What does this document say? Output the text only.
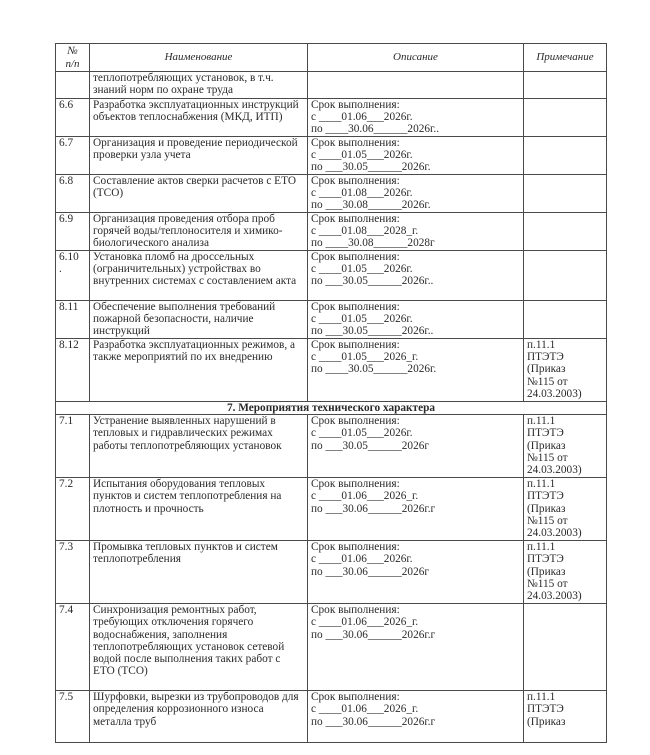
№
п/п	Наименование	Описание	Примечание
	теплопотребляющих установок, в т.ч. знаний норм по охране труда		
6.6	Разработка эксплуатационных инструкций объектов теплоснабжения (МКД, ИТП)	Срок выполнения:
с ____01.06___2026г.
по ____30.06______2026г..	
6.7	Организация и проведение периодической проверки узла учета	Срок выполнения:
с ____01.05___2026г.
по ___30.05______2026г.	
6.8	Составление актов сверки расчетов с ЕТО (ТСО)	Срок выполнения:
с ____01.08___2026г.
по ___30.08______2026г.	
6.9	Организация проведения отбора проб горячей воды/теплоносителя и химико-биологического анализа	Срок выполнения:
с ____01.08___2028_г.
по ____30.08______2028г	
6.10
.	Установка пломб на дроссельных (ограничительных) устройствах во внутренних системах с составлением акта	Срок выполнения:
с ____01.05___2026г.
по ___30.05______2026г..	
8.11	Обеспечение выполнения требований пожарной безопасности, наличие инструкций	Срок выполнения:
с ____01.05___2026г.
по ___30.05______2026г..	
8.12	Разработка эксплуатационных режимов, а также мероприятий по их внедрению	Срок выполнения:
с ____01.05___2026_г.
по ____30.05______2026г.	п.11.1
ПТЭТЭ
(Приказ
№115 от
24.03.2003)
7. Мероприятия технического характера			
7.1	Устранение выявленных нарушений в тепловых и гидравлических режимах работы теплопотребляющих установок	Срок выполнения:
с ____01.05___2026г.
по ___30.05______2026г	п.11.1
ПТЭТЭ
(Приказ
№115 от
24.03.2003)
7.2	Испытания оборудования тепловых пунктов и систем теплопотребления на плотность и прочность	Срок выполнения:
с ____01.06___2026_г.
по ___30.06______2026г.г	п.11.1
ПТЭТЭ
(Приказ
№115 от
24.03.2003)
7.3	Промывка тепловых пунктов и систем теплопотребления	Срок выполнения:
с ____01.06___2026г.
по ___30.06______2026г	п.11.1
ПТЭТЭ
(Приказ
№115 от
24.03.2003)
7.4	Синхронизация ремонтных работ, требующих отключения горячего водоснабжения, заполнения теплопотребляющих установок сетевой водой после выполнения таких работ с ЕТО (ТСО)	Срок выполнения:
с ____01.06___2026_г.
по ___30.06______2026г.г	
7.5	Шурфовки, вырезки из трубопроводов для определения коррозионного износа металла труб	Срок выполнения:
с ____01.06___2026_г.
по ___30.06______2026г.г	п.11.1
ПТЭТЭ
(Приказ
